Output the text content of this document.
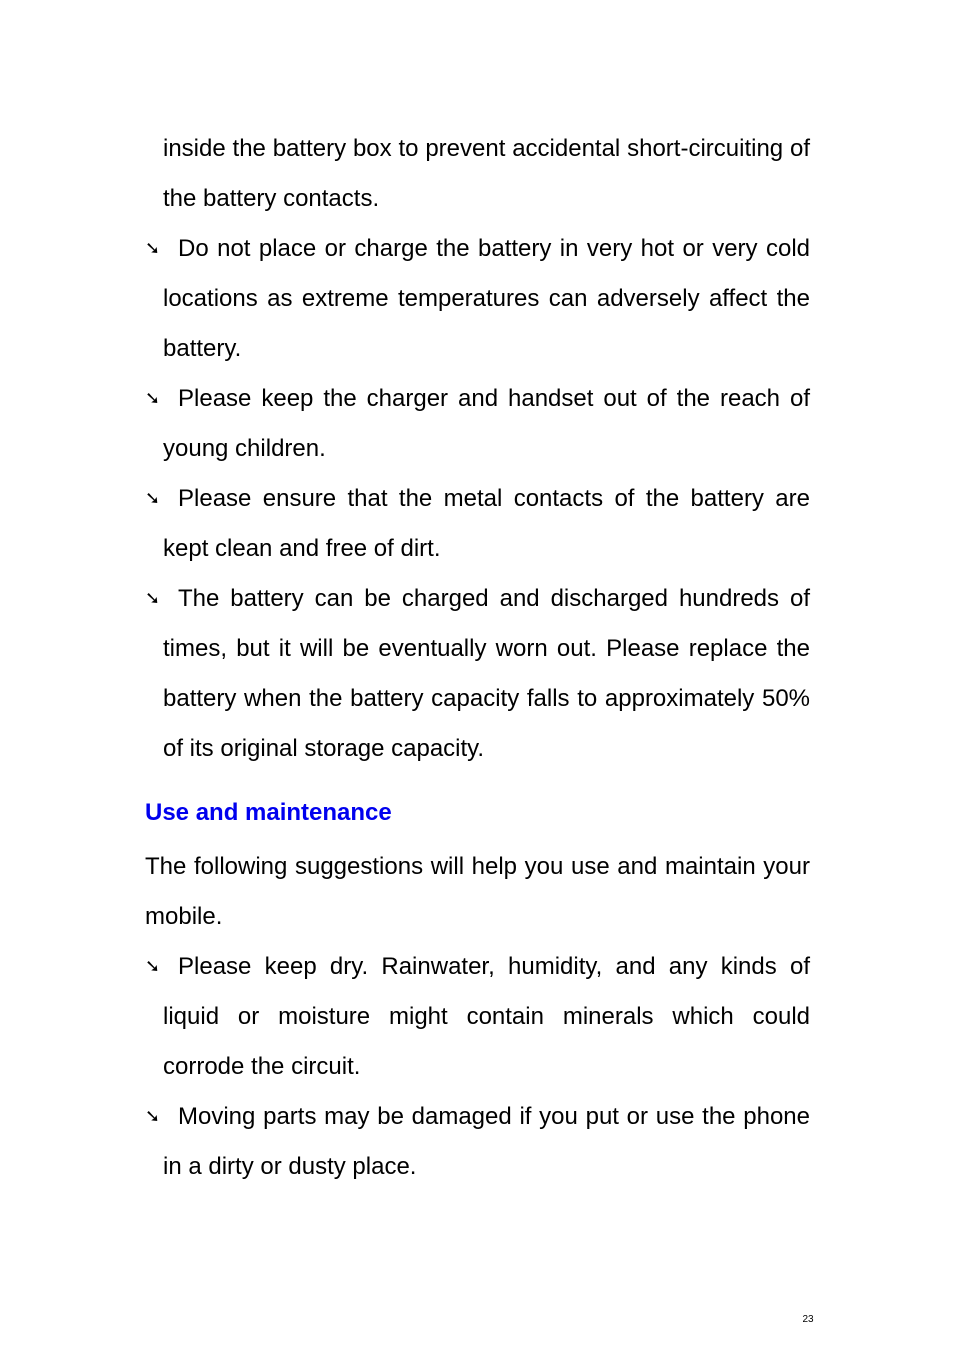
inside the battery box to prevent accidental short-circuiting of the battery contacts.

➘ Do not place or charge the battery in very hot or very cold locations as extreme temperatures can adversely affect the battery.

➘ Please keep the charger and handset out of the reach of young children.

➘ Please ensure that the metal contacts of the battery are kept clean and free of dirt.

➘ The battery can be charged and discharged hundreds of times, but it will be eventually worn out. Please replace the battery when the battery capacity falls to approximately 50% of its original storage capacity.

Use and maintenance

The following suggestions will help you use and maintain your mobile.

➘ Please keep dry. Rainwater, humidity, and any kinds of liquid or moisture might contain minerals which could corrode the circuit.

➘ Moving parts may be damaged if you put or use the phone in a dirty or dusty place.

23
